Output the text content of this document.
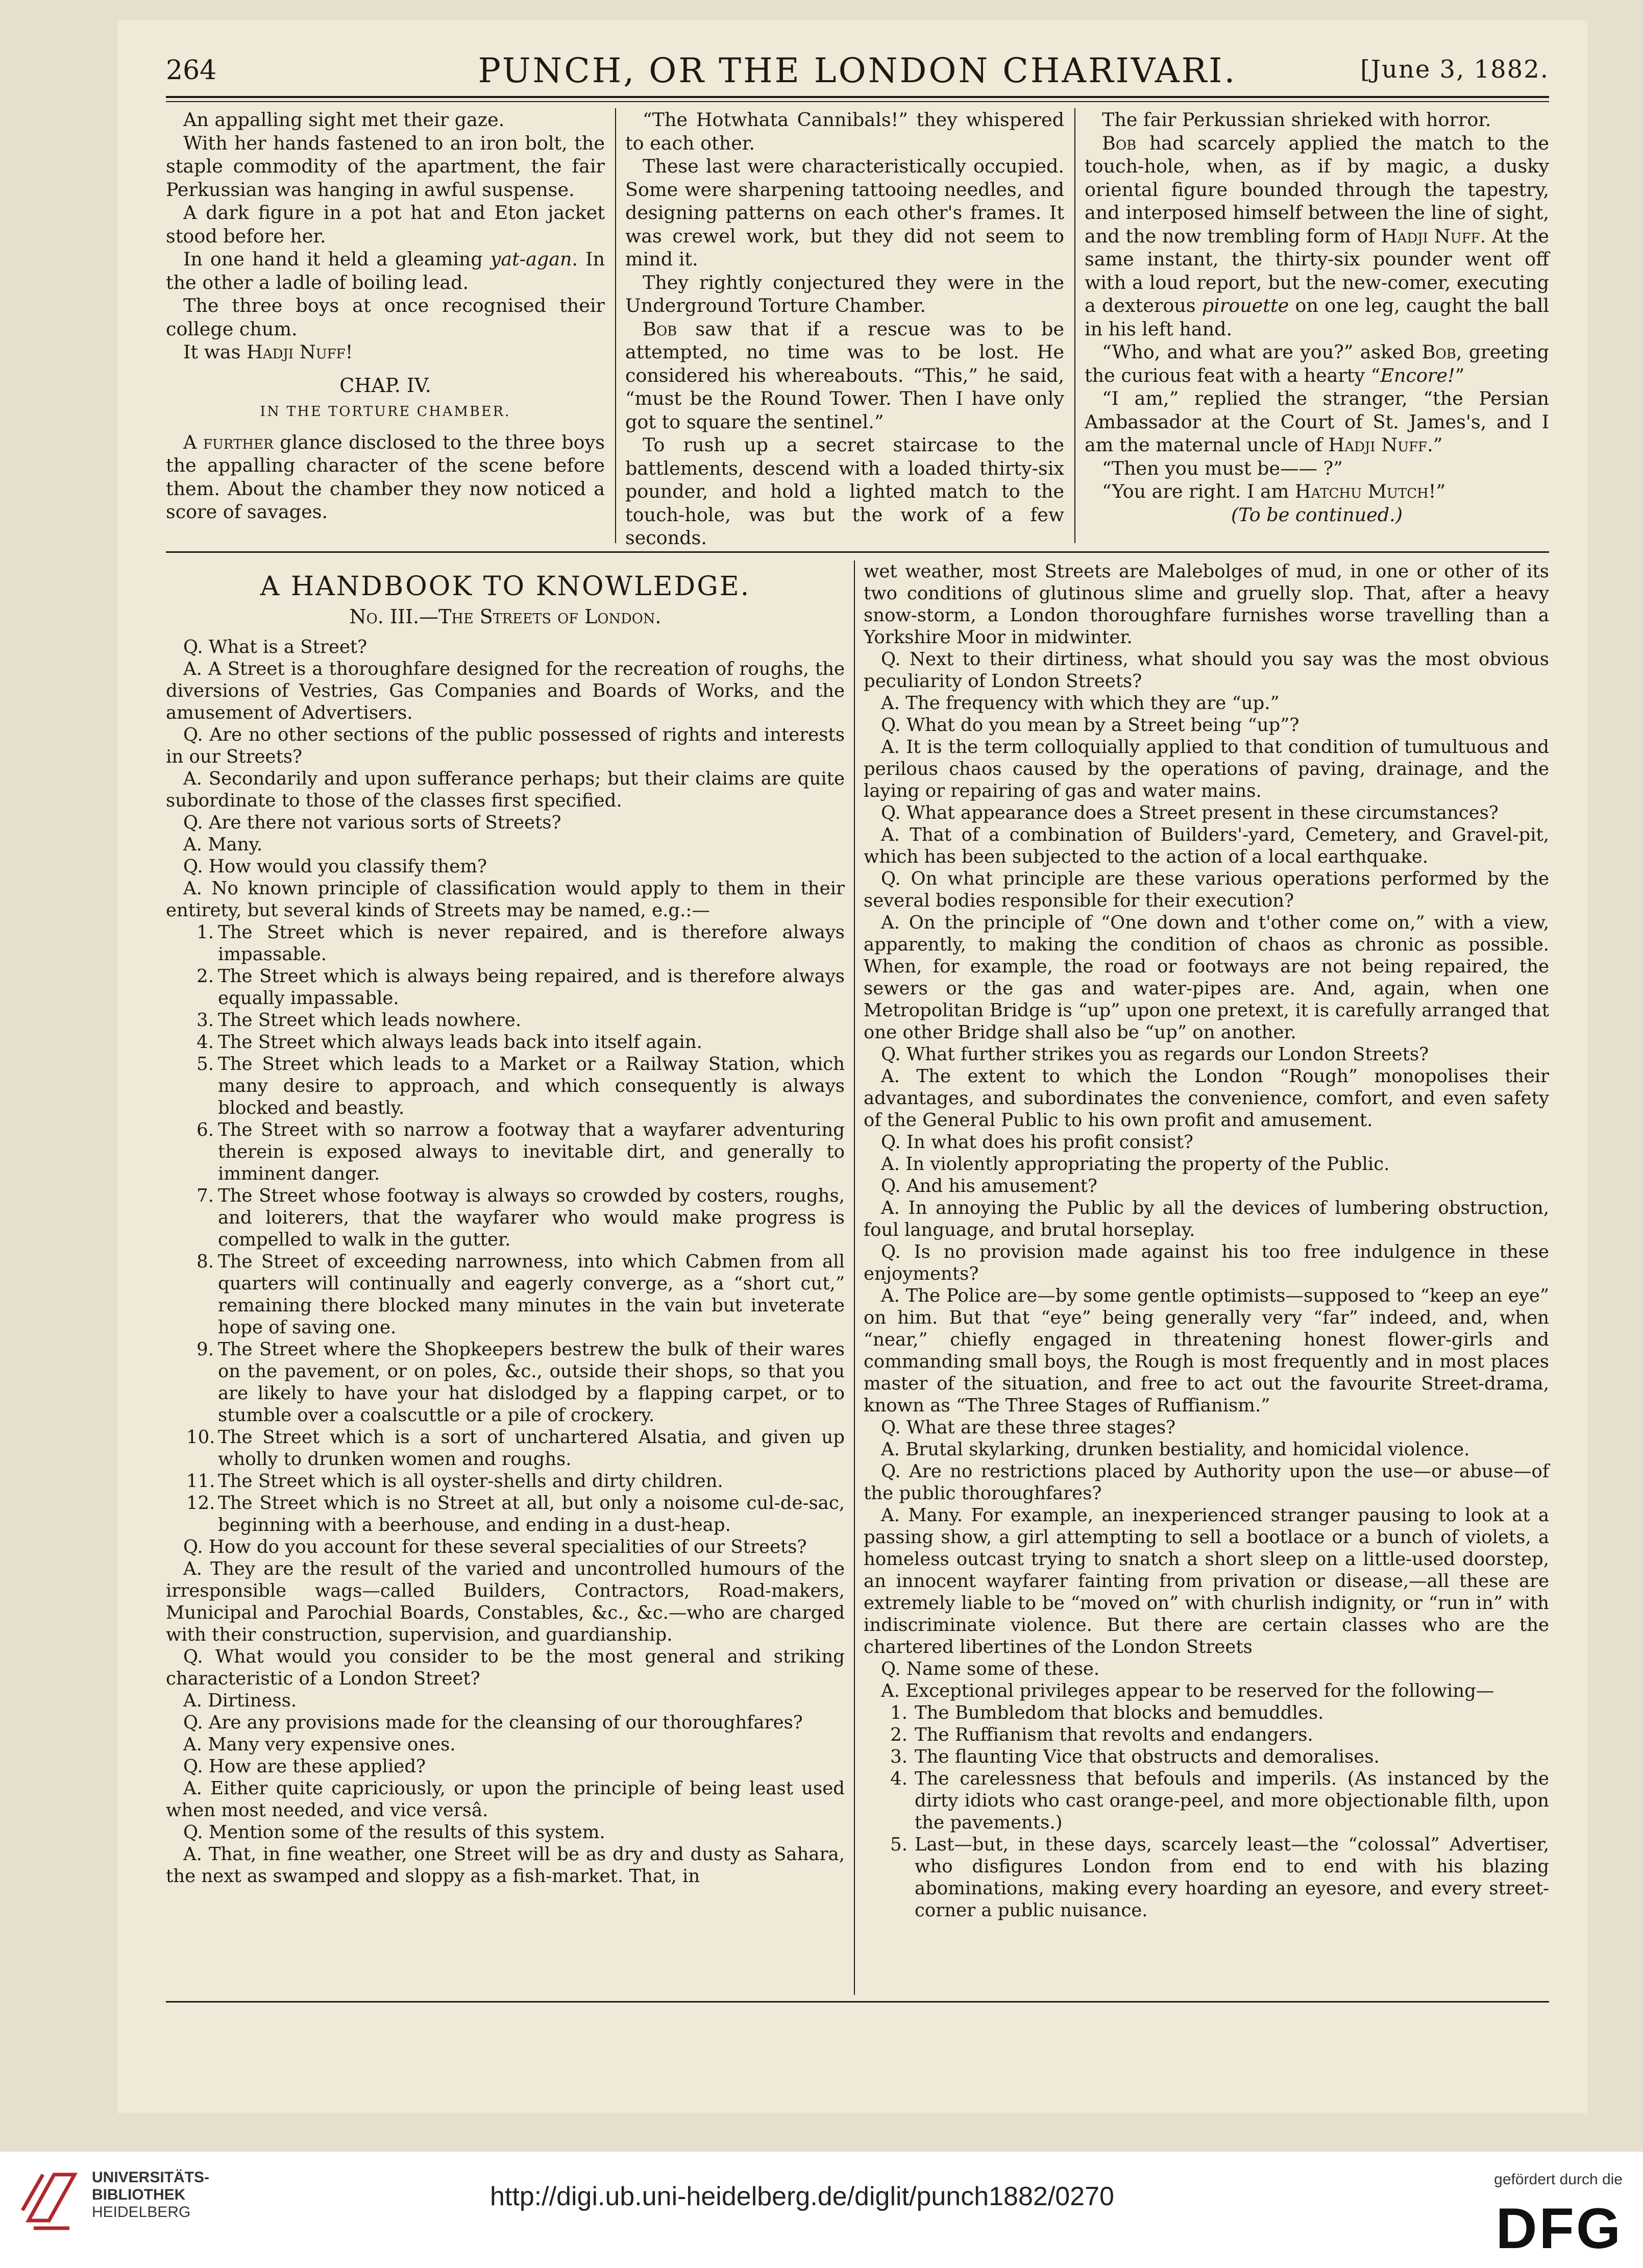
264	PUNCH, OR THE LONDON CHARIVARI.	[June 3, 1882.

An appalling sight met their gaze.

With her hands fastened to an iron bolt, the staple commodity of the apartment, the fair Perkussian was hanging in awful suspense.

A dark figure in a pot hat and Eton jacket stood before her.

In one hand it held a gleaming yat-agan. In the other a ladle of boiling lead.

The three boys at once recognised their college chum.

It was Hadji Nuff!

CHAP. IV.
IN THE TORTURE CHAMBER.

A further glance disclosed to the three boys the appalling character of the scene before them. About the chamber they now noticed a score of savages.

“The Hotwhata Cannibals!” they whispered to each other.

These last were characteristically occupied. Some were sharpening tattooing needles, and designing patterns on each other's frames. It was crewel work, but they did not seem to mind it.

They rightly conjectured they were in the Underground Torture Chamber.

Bob saw that if a rescue was to be attempted, no time was to be lost. He considered his whereabouts. “This,” he said, “must be the Round Tower. Then I have only got to square the sentinel.”

To rush up a secret staircase to the battlements, descend with a loaded thirty-six pounder, and hold a lighted match to the touch-hole, was but the work of a few seconds.

The fair Perkussian shrieked with horror.

Bob had scarcely applied the match to the touch-hole, when, as if by magic, a dusky oriental figure bounded through the tapestry, and interposed himself between the line of sight, and the now trembling form of Hadji Nuff. At the same instant, the thirty-six pounder went off with a loud report, but the new-comer, executing a dexterous pirouette on one leg, caught the ball in his left hand.

“Who, and what are you?” asked Bob, greeting the curious feat with a hearty “Encore!”

“I am,” replied the stranger, “the Persian Ambassador at the Court of St. James's, and I am the maternal uncle of Hadji Nuff.”

“Then you must be—— ?”

“You are right. I am Hatchu Mutch!”

(To be continued.)

A HANDBOOK TO KNOWLEDGE.
No. III.—The Streets of London.

Q. What is a Street?

A. A Street is a thoroughfare designed for the recreation of roughs, the diversions of Vestries, Gas Companies and Boards of Works, and the amusement of Advertisers.

Q. Are no other sections of the public possessed of rights and interests in our Streets?

A. Secondarily and upon sufferance perhaps; but their claims are quite subordinate to those of the classes first specified.

Q. Are there not various sorts of Streets?

A. Many.

Q. How would you classify them?

A. No known principle of classification would apply to them in their entirety, but several kinds of Streets may be named, e.g.:—

1. The Street which is never repaired, and is therefore always impassable.
2. The Street which is always being repaired, and is therefore always equally impassable.
3. The Street which leads nowhere.
4. The Street which always leads back into itself again.
5. The Street which leads to a Market or a Railway Station, which many desire to approach, and which consequently is always blocked and beastly.
6. The Street with so narrow a footway that a wayfarer adventuring therein is exposed always to inevitable dirt, and generally to imminent danger.
7. The Street whose footway is always so crowded by costers, roughs, and loiterers, that the wayfarer who would make progress is compelled to walk in the gutter.
8. The Street of exceeding narrowness, into which Cabmen from all quarters will continually and eagerly converge, as a “short cut,” remaining there blocked many minutes in the vain but inveterate hope of saving one.
9. The Street where the Shopkeepers bestrew the bulk of their wares on the pavement, or on poles, &c., outside their shops, so that you are likely to have your hat dislodged by a flapping carpet, or to stumble over a coalscuttle or a pile of crockery.
10. The Street which is a sort of unchartered Alsatia, and given up wholly to drunken women and roughs.
11. The Street which is all oyster-shells and dirty children.
12. The Street which is no Street at all, but only a noisome cul-de-sac, beginning with a beerhouse, and ending in a dust-heap.

Q. How do you account for these several specialities of our Streets?

A. They are the result of the varied and uncontrolled humours of the irresponsible wags—called Builders, Contractors, Road-makers, Municipal and Parochial Boards, Constables, &c., &c.—who are charged with their construction, supervision, and guardianship.

Q. What would you consider to be the most general and striking characteristic of a London Street?

A. Dirtiness.

Q. Are any provisions made for the cleansing of our thoroughfares?

A. Many very expensive ones.

Q. How are these applied?

A. Either quite capriciously, or upon the principle of being least used when most needed, and vice versâ.

Q. Mention some of the results of this system.

A. That, in fine weather, one Street will be as dry and dusty as Sahara, the next as swamped and sloppy as a fish-market. That, in

wet weather, most Streets are Malebolges of mud, in one or other of its two conditions of glutinous slime and gruelly slop. That, after a heavy snow-storm, a London thoroughfare furnishes worse travelling than a Yorkshire Moor in midwinter.

Q. Next to their dirtiness, what should you say was the most obvious peculiarity of London Streets?

A. The frequency with which they are “up.”

Q. What do you mean by a Street being “up”?

A. It is the term colloquially applied to that condition of tumultuous and perilous chaos caused by the operations of paving, drainage, and the laying or repairing of gas and water mains.

Q. What appearance does a Street present in these circumstances?

A. That of a combination of Builders'-yard, Cemetery, and Gravel-pit, which has been subjected to the action of a local earthquake.

Q. On what principle are these various operations performed by the several bodies responsible for their execution?

A. On the principle of “One down and t'other come on,” with a view, apparently, to making the condition of chaos as chronic as possible. When, for example, the road or footways are not being repaired, the sewers or the gas and water-pipes are. And, again, when one Metropolitan Bridge is “up” upon one pretext, it is carefully arranged that one other Bridge shall also be “up” on another.

Q. What further strikes you as regards our London Streets?

A. The extent to which the London “Rough” monopolises their advantages, and subordinates the convenience, comfort, and even safety of the General Public to his own profit and amusement.

Q. In what does his profit consist?

A. In violently appropriating the property of the Public.

Q. And his amusement?

A. In annoying the Public by all the devices of lumbering obstruction, foul language, and brutal horseplay.

Q. Is no provision made against his too free indulgence in these enjoyments?

A. The Police are—by some gentle optimists—supposed to “keep an eye” on him. But that “eye” being generally very “far” indeed, and, when “near,” chiefly engaged in threatening honest flower-girls and commanding small boys, the Rough is most frequently and in most places master of the situation, and free to act out the favourite Street-drama, known as “The Three Stages of Ruffianism.”

Q. What are these three stages?

A. Brutal skylarking, drunken bestiality, and homicidal violence.

Q. Are no restrictions placed by Authority upon the use—or abuse—of the public thoroughfares?

A. Many. For example, an inexperienced stranger pausing to look at a passing show, a girl attempting to sell a bootlace or a bunch of violets, a homeless outcast trying to snatch a short sleep on a little-used doorstep, an innocent wayfarer fainting from privation or disease,—all these are extremely liable to be “moved on” with churlish indignity, or “run in” with indiscriminate violence. But there are certain classes who are the chartered libertines of the London Streets

Q. Name some of these.

A. Exceptional privileges appear to be reserved for the following—

1. The Bumbledom that blocks and bemuddles.
2. The Ruffianism that revolts and endangers.
3. The flaunting Vice that obstructs and demoralises.
4. The carelessness that befouls and imperils. (As instanced by the dirty idiots who cast orange-peel, and more objectionable filth, upon the pavements.)
5. Last—but, in these days, scarcely least—the “colossal” Advertiser, who disfigures London from end to end with his blazing abominations, making every hoarding an eyesore, and every street-corner a public nuisance.
UNIVERSITÄTS-
BIBLIOTHEK
HEIDELBERG
http://digi.ub.uni-heidelberg.de/diglit/punch1882/0270
gefördert durch die
DFG
